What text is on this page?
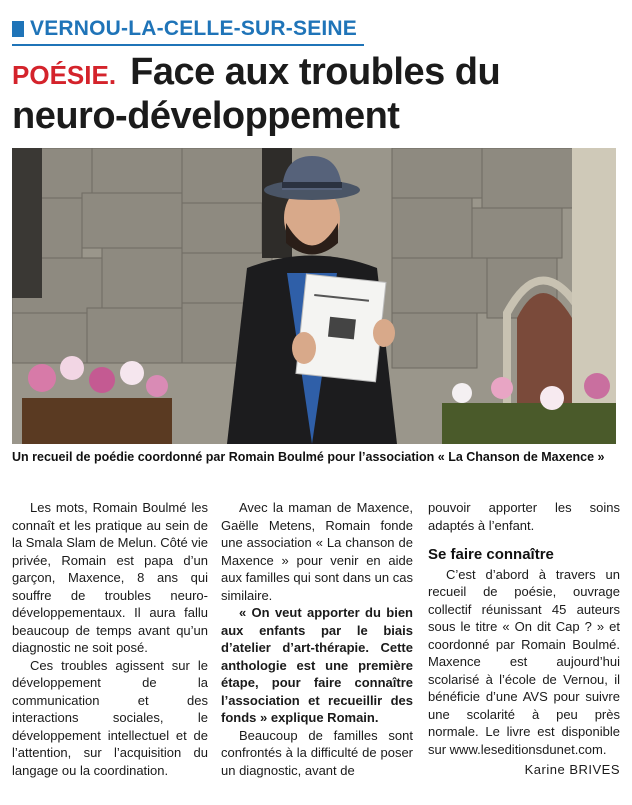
VERNOU-LA-CELLE-SUR-SEINE
POÉSIE. Face aux troubles du neuro-développement
Un recueil de poédie coordonné par Romain Boulmé pour l’association « La Chanson de Maxence »

Les mots, Romain Boulmé les connaît et les pratique au sein de la Smala Slam de Melun. Côté vie privée, Romain est papa d’un garçon, Maxence, 8 ans qui souffre de troubles neuro-développementaux. Il aura fallu beaucoup de temps avant qu’un diagnostic ne soit posé.

Ces troubles agissent sur le développement de la communication et des interactions sociales, le développement intellectuel et de l’attention, sur l’acquisition du langage ou la coordination.

Avec la maman de Maxence, Gaëlle Metens, Romain fonde une association « La chanson de Maxence » pour venir en aide aux familles qui sont dans un cas similaire.

« On veut apporter du bien aux enfants par le biais d’atelier d’art-thérapie. Cette anthologie est une première étape, pour faire connaître l’association et recueillir des fonds » explique Romain.

Beaucoup de familles sont confrontés à la difficulté de poser un diagnostic, avant de

pouvoir apporter les soins adaptés à l’enfant.

Se faire connaître

C’est d’abord à travers un recueil de poésie, ouvrage collectif réunissant 45 auteurs sous le titre « On dit Cap ? » et coordonné par Romain Boulmé. Maxence est aujourd’hui scolarisé à l’école de Vernou, il bénéficie d’une AVS pour suivre une scolarité à peu près normale. Le livre est disponible sur www.leseditionsdunet.com.

Karine BRIVES
